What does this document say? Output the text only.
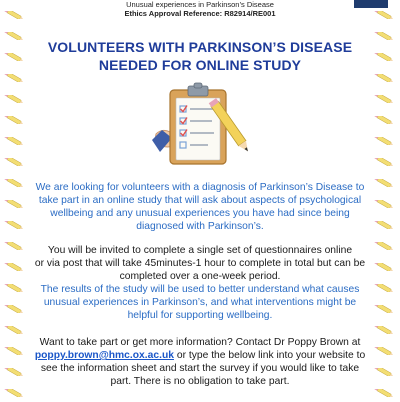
Unusual experiences in Parkinson’s Disease
Ethics Approval Reference: R82914/RE001
VOLUNTEERS WITH PARKINSON’S DISEASE
NEEDED FOR ONLINE STUDY

We are looking for volunteers with a diagnosis of Parkinson’s Disease to take part in an online study that will ask about aspects of psychological wellbeing and any unusual experiences you have had since being diagnosed with Parkinson’s.

You will be invited to complete a single set of questionnaires online

or via post that will take 45minutes-1 hour to complete in total but can be completed over a one-week period.

The results of the study will be used to better understand what causes unusual experiences in Parkinson’s, and what interventions might be helpful for supporting wellbeing.

Want to take part or get more information? Contact Dr Poppy Brown at poppy.brown@hmc.ox.ac.uk or type the below link into your website to see the information sheet and start the survey if you would like to take part. There is no obligation to take part.
